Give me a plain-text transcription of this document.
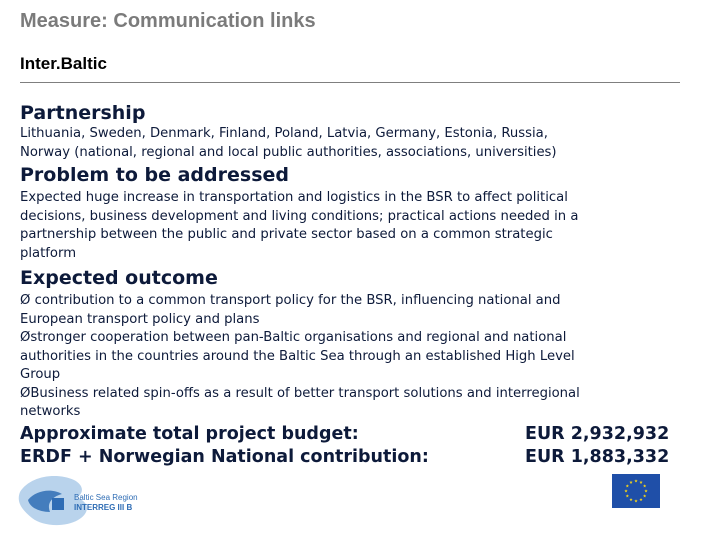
Measure: Communication links
Inter.Baltic
Partnership
Lithuania, Sweden, Denmark, Finland, Poland, Latvia, Germany, Estonia, Russia,
Norway (national, regional and local public authorities, associations, universities)
Problem to be addressed
Expected huge increase in transportation and logistics in the BSR to affect political
decisions, business development and living conditions; practical actions needed in a
partnership between the public and private sector based on a common strategic
platform
Expected outcome
Ø contribution to a common transport policy for the BSR, influencing national and
European transport policy and plans
Østronger cooperation between pan-Baltic organisations and regional and national
authorities in the countries around the Baltic Sea through an established High Level
Group
ØBusiness related spin-offs as a result of better transport solutions and interregional
networks
Approximate total project budget:	EUR 2,932,932
ERDF + Norwegian National contribution:	EUR 1,883,332
Baltic Sea Region
INTERREG III B
